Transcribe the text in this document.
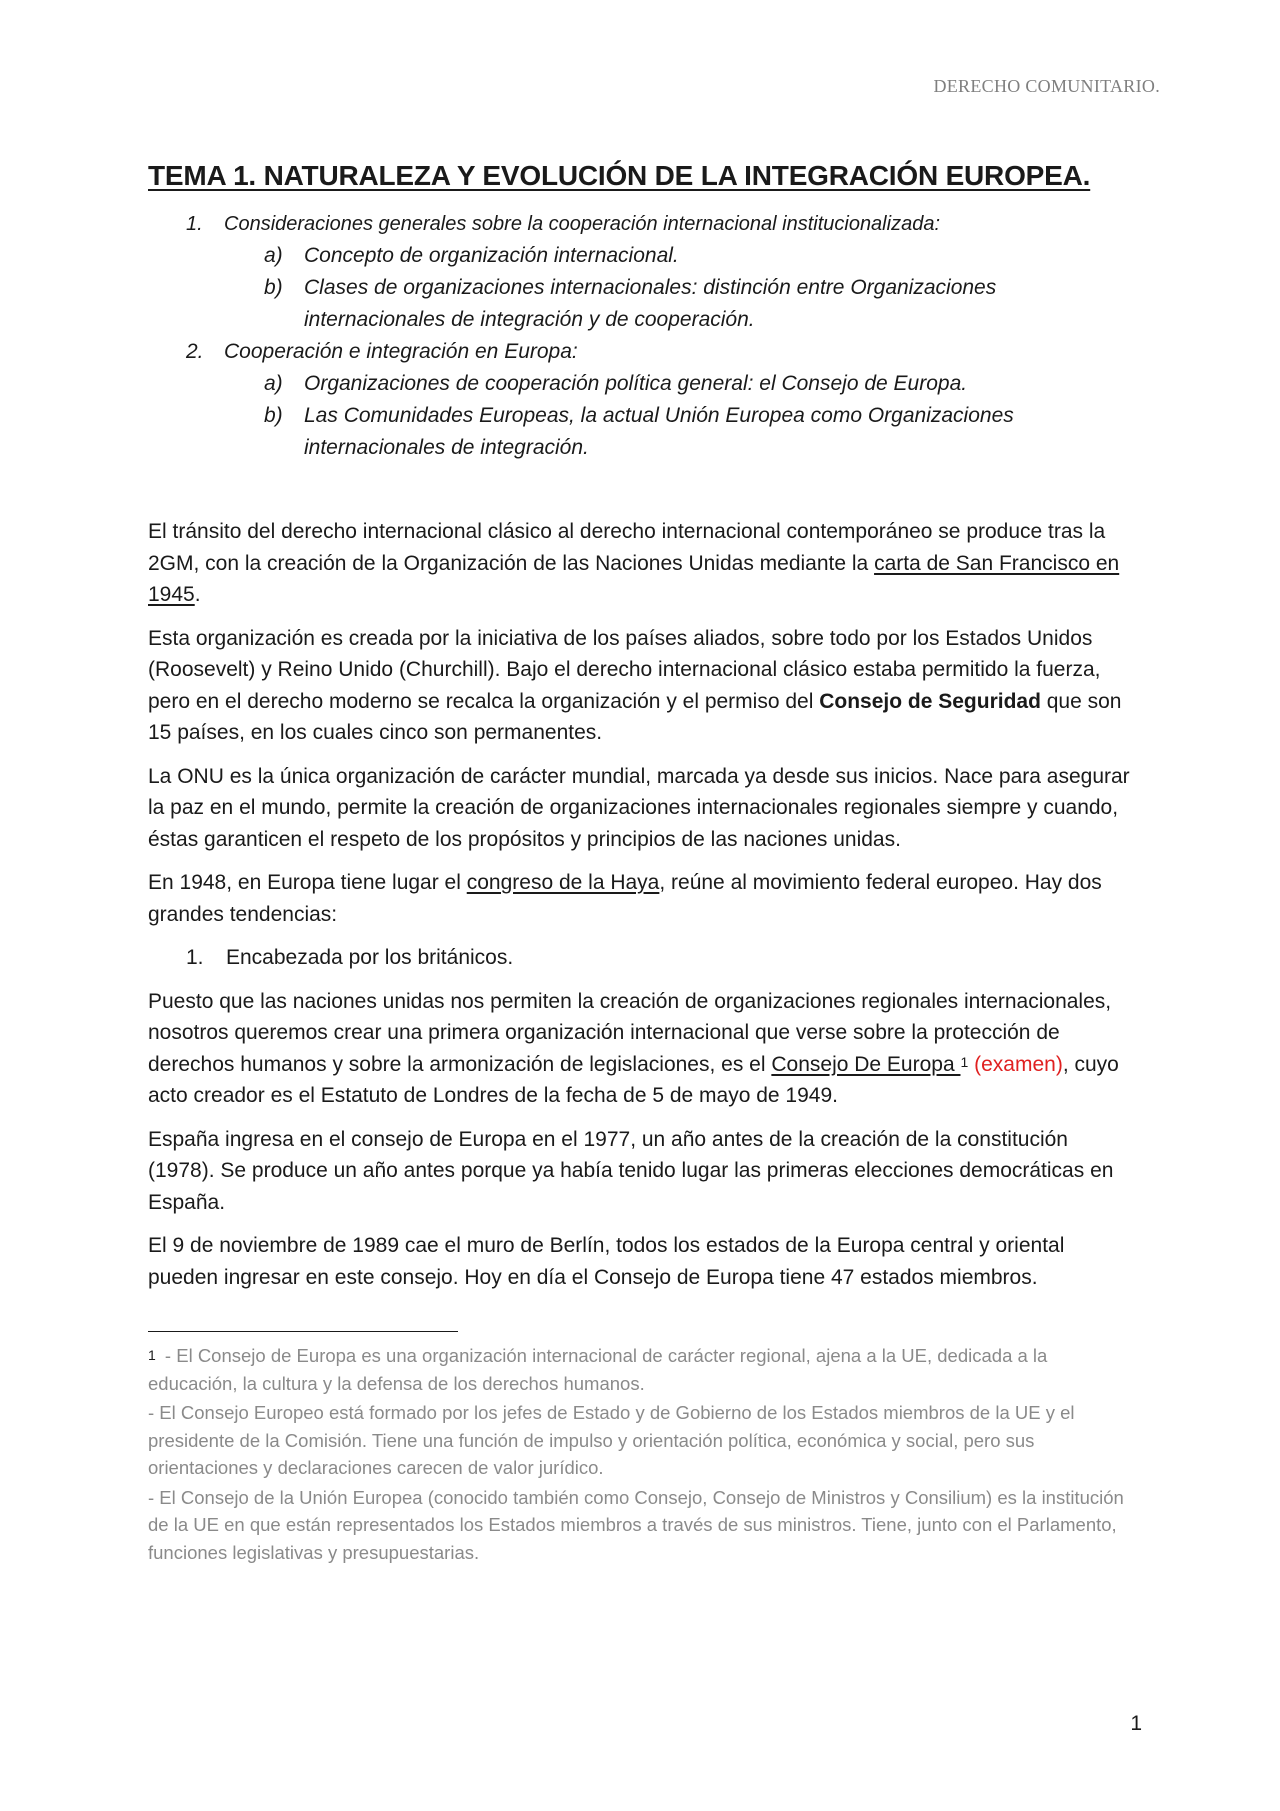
DERECHO COMUNITARIO.
TEMA 1. NATURALEZA Y EVOLUCIÓN DE LA INTEGRACIÓN EUROPEA.
1.	Consideraciones generales sobre la cooperación internacional institucionalizada:
a)	Concepto de organización internacional.
b)	Clases de organizaciones internacionales: distinción entre Organizaciones internacionales de integración y de cooperación.
2. Cooperación e integración en Europa:
a)	Organizaciones de cooperación política general: el Consejo de Europa.
b)	Las Comunidades Europeas, la actual Unión Europea como Organizaciones internacionales de integración.

El tránsito del derecho internacional clásico al derecho internacional contemporáneo se produce tras la 2GM, con la creación de la Organización de las Naciones Unidas mediante la carta de San Francisco en 1945.

Esta organización es creada por la iniciativa de los países aliados, sobre todo por los Estados Unidos (Roosevelt) y Reino Unido (Churchill). Bajo el derecho internacional clásico estaba permitido la fuerza, pero en el derecho moderno se recalca la organización y el permiso del Consejo de Seguridad que son 15 países, en los cuales cinco son permanentes.

La ONU es la única organización de carácter mundial, marcada ya desde sus inicios. Nace para asegurar la paz en el mundo, permite la creación de organizaciones internacionales regionales siempre y cuando, éstas garanticen el respeto de los propósitos y principios de las naciones unidas.

En 1948, en Europa tiene lugar el congreso de la Haya, reúne al movimiento federal europeo. Hay dos grandes tendencias:

1.	Encabezada por los británicos.

Puesto que las naciones unidas nos permiten la creación de organizaciones regionales internacionales, nosotros queremos crear una primera organización internacional que verse sobre la protección de derechos humanos y sobre la armonización de legislaciones, es el Consejo De Europa $^1$ (examen), cuyo acto creador es el Estatuto de Londres de la fecha de 5 de mayo de 1949.

España ingresa en el consejo de Europa en el 1977, un año antes de la creación de la constitución (1978). Se produce un año antes porque ya había tenido lugar las primeras elecciones democráticas en España.

El 9 de noviembre de 1989 cae el muro de Berlín, todos los estados de la Europa central y oriental pueden ingresar en este consejo. Hoy en día el Consejo de Europa tiene 47 estados miembros.

$^1$ - El Consejo de Europa es una organización internacional de carácter regional, ajena a la UE, dedicada a la educación, la cultura y la defensa de los derechos humanos.

- El Consejo Europeo está formado por los jefes de Estado y de Gobierno de los Estados miembros de la UE y el presidente de la Comisión. Tiene una función de impulso y orientación política, económica y social, pero sus orientaciones y declaraciones carecen de valor jurídico.

- El Consejo de la Unión Europea (conocido también como Consejo, Consejo de Ministros y Consilium) es la institución de la UE en que están representados los Estados miembros a través de sus ministros. Tiene, junto con el Parlamento, funciones legislativas y presupuestarias.

1
